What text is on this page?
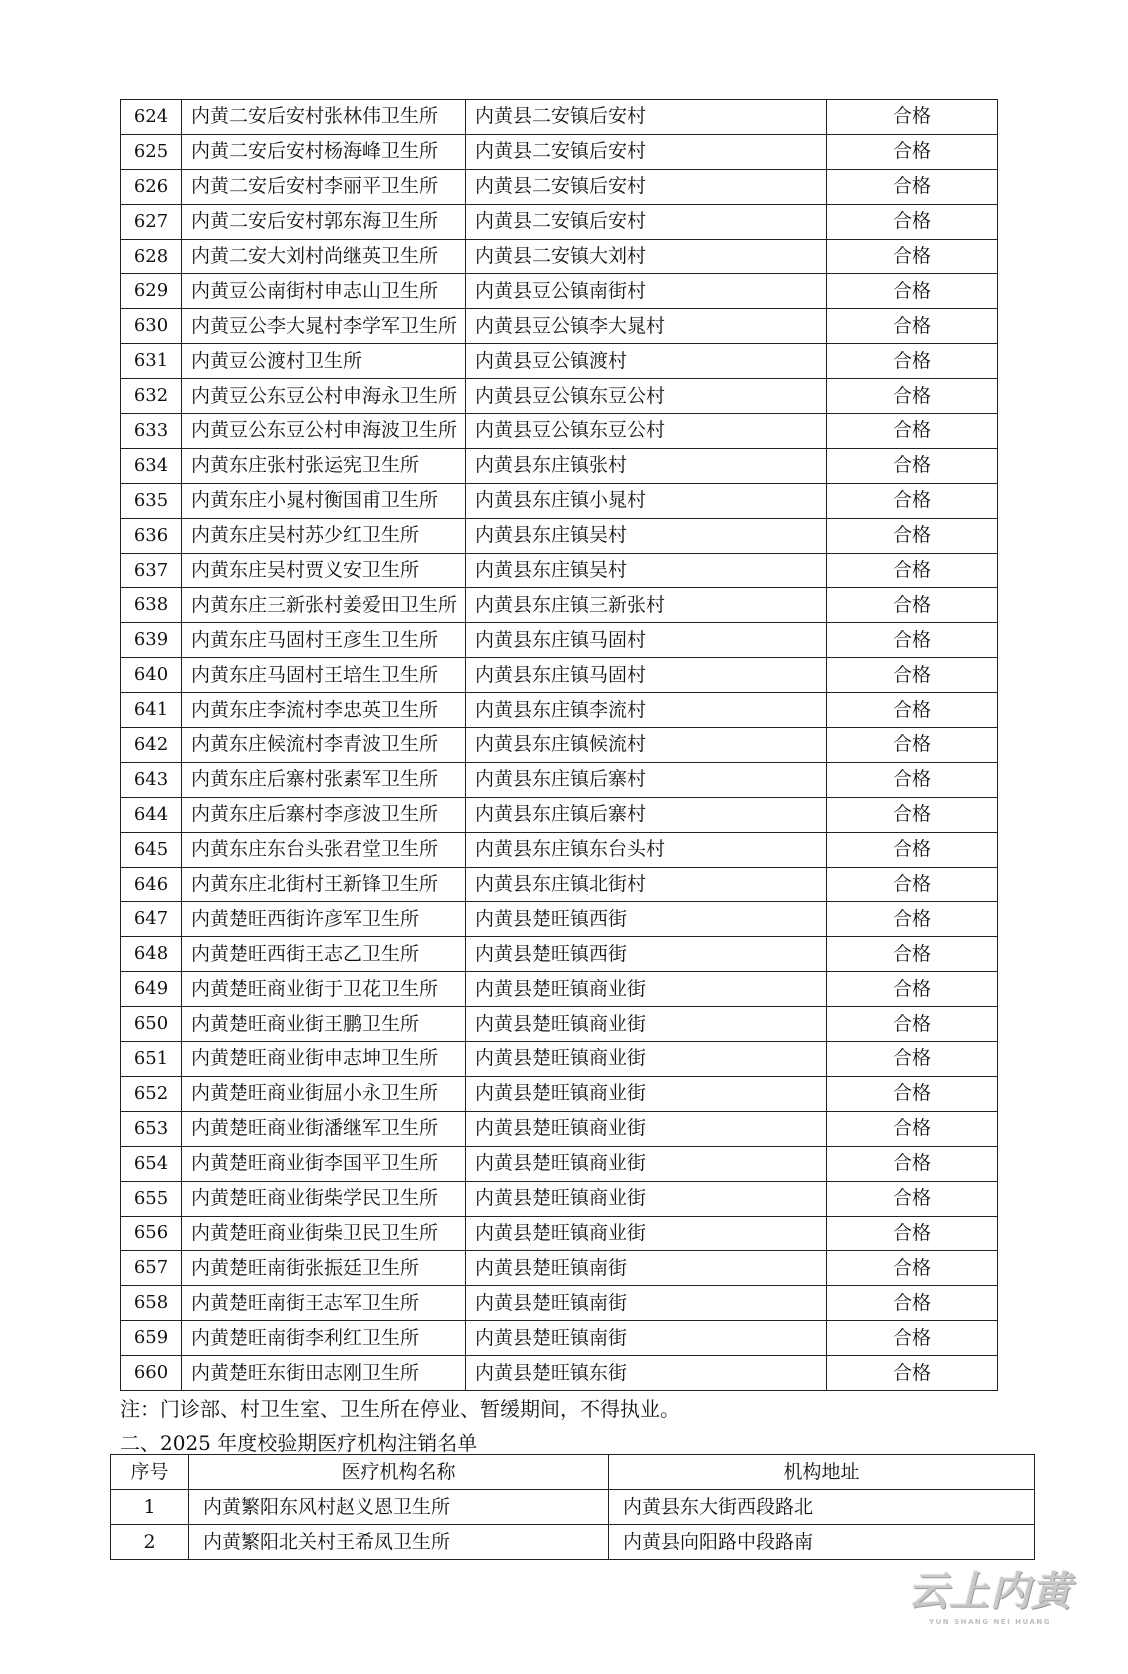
624	内黄二安后安村张林伟卫生所	内黄县二安镇后安村	合格
625	内黄二安后安村杨海峰卫生所	内黄县二安镇后安村	合格
626	内黄二安后安村李丽平卫生所	内黄县二安镇后安村	合格
627	内黄二安后安村郭东海卫生所	内黄县二安镇后安村	合格
628	内黄二安大刘村尚继英卫生所	内黄县二安镇大刘村	合格
629	内黄豆公南街村申志山卫生所	内黄县豆公镇南街村	合格
630	内黄豆公李大晁村李学军卫生所	内黄县豆公镇李大晁村	合格
631	内黄豆公渡村卫生所	内黄县豆公镇渡村	合格
632	内黄豆公东豆公村申海永卫生所	内黄县豆公镇东豆公村	合格
633	内黄豆公东豆公村申海波卫生所	内黄县豆公镇东豆公村	合格
634	内黄东庄张村张运宪卫生所	内黄县东庄镇张村	合格
635	内黄东庄小晁村衡国甫卫生所	内黄县东庄镇小晁村	合格
636	内黄东庄吴村苏少红卫生所	内黄县东庄镇吴村	合格
637	内黄东庄吴村贾义安卫生所	内黄县东庄镇吴村	合格
638	内黄东庄三新张村姜爱田卫生所	内黄县东庄镇三新张村	合格
639	内黄东庄马固村王彦生卫生所	内黄县东庄镇马固村	合格
640	内黄东庄马固村王培生卫生所	内黄县东庄镇马固村	合格
641	内黄东庄李流村李忠英卫生所	内黄县东庄镇李流村	合格
642	内黄东庄候流村李青波卫生所	内黄县东庄镇候流村	合格
643	内黄东庄后寨村张素军卫生所	内黄县东庄镇后寨村	合格
644	内黄东庄后寨村李彦波卫生所	内黄县东庄镇后寨村	合格
645	内黄东庄东台头张君堂卫生所	内黄县东庄镇东台头村	合格
646	内黄东庄北街村王新锋卫生所	内黄县东庄镇北街村	合格
647	内黄楚旺西街许彦军卫生所	内黄县楚旺镇西街	合格
648	内黄楚旺西街王志乙卫生所	内黄县楚旺镇西街	合格
649	内黄楚旺商业街于卫花卫生所	内黄县楚旺镇商业街	合格
650	内黄楚旺商业街王鹏卫生所	内黄县楚旺镇商业街	合格
651	内黄楚旺商业街申志坤卫生所	内黄县楚旺镇商业街	合格
652	内黄楚旺商业街屈小永卫生所	内黄县楚旺镇商业街	合格
653	内黄楚旺商业街潘继军卫生所	内黄县楚旺镇商业街	合格
654	内黄楚旺商业街李国平卫生所	内黄县楚旺镇商业街	合格
655	内黄楚旺商业街柴学民卫生所	内黄县楚旺镇商业街	合格
656	内黄楚旺商业街柴卫民卫生所	内黄县楚旺镇商业街	合格
657	内黄楚旺南街张振廷卫生所	内黄县楚旺镇南街	合格
658	内黄楚旺南街王志军卫生所	内黄县楚旺镇南街	合格
659	内黄楚旺南街李利红卫生所	内黄县楚旺镇南街	合格
660	内黄楚旺东街田志刚卫生所	内黄县楚旺镇东街	合格
注：门诊部、村卫生室、卫生所在停业、暂缓期间，不得执业。
二、2025 年度校验期医疗机构注销名单
序号	医疗机构名称	机构地址
1	内黄繁阳东风村赵义恩卫生所	内黄县东大街西段路北
2	内黄繁阳北关村王希凤卫生所	内黄县向阳路中段路南
云上内黄
YUN SHANG NEI HUANG
